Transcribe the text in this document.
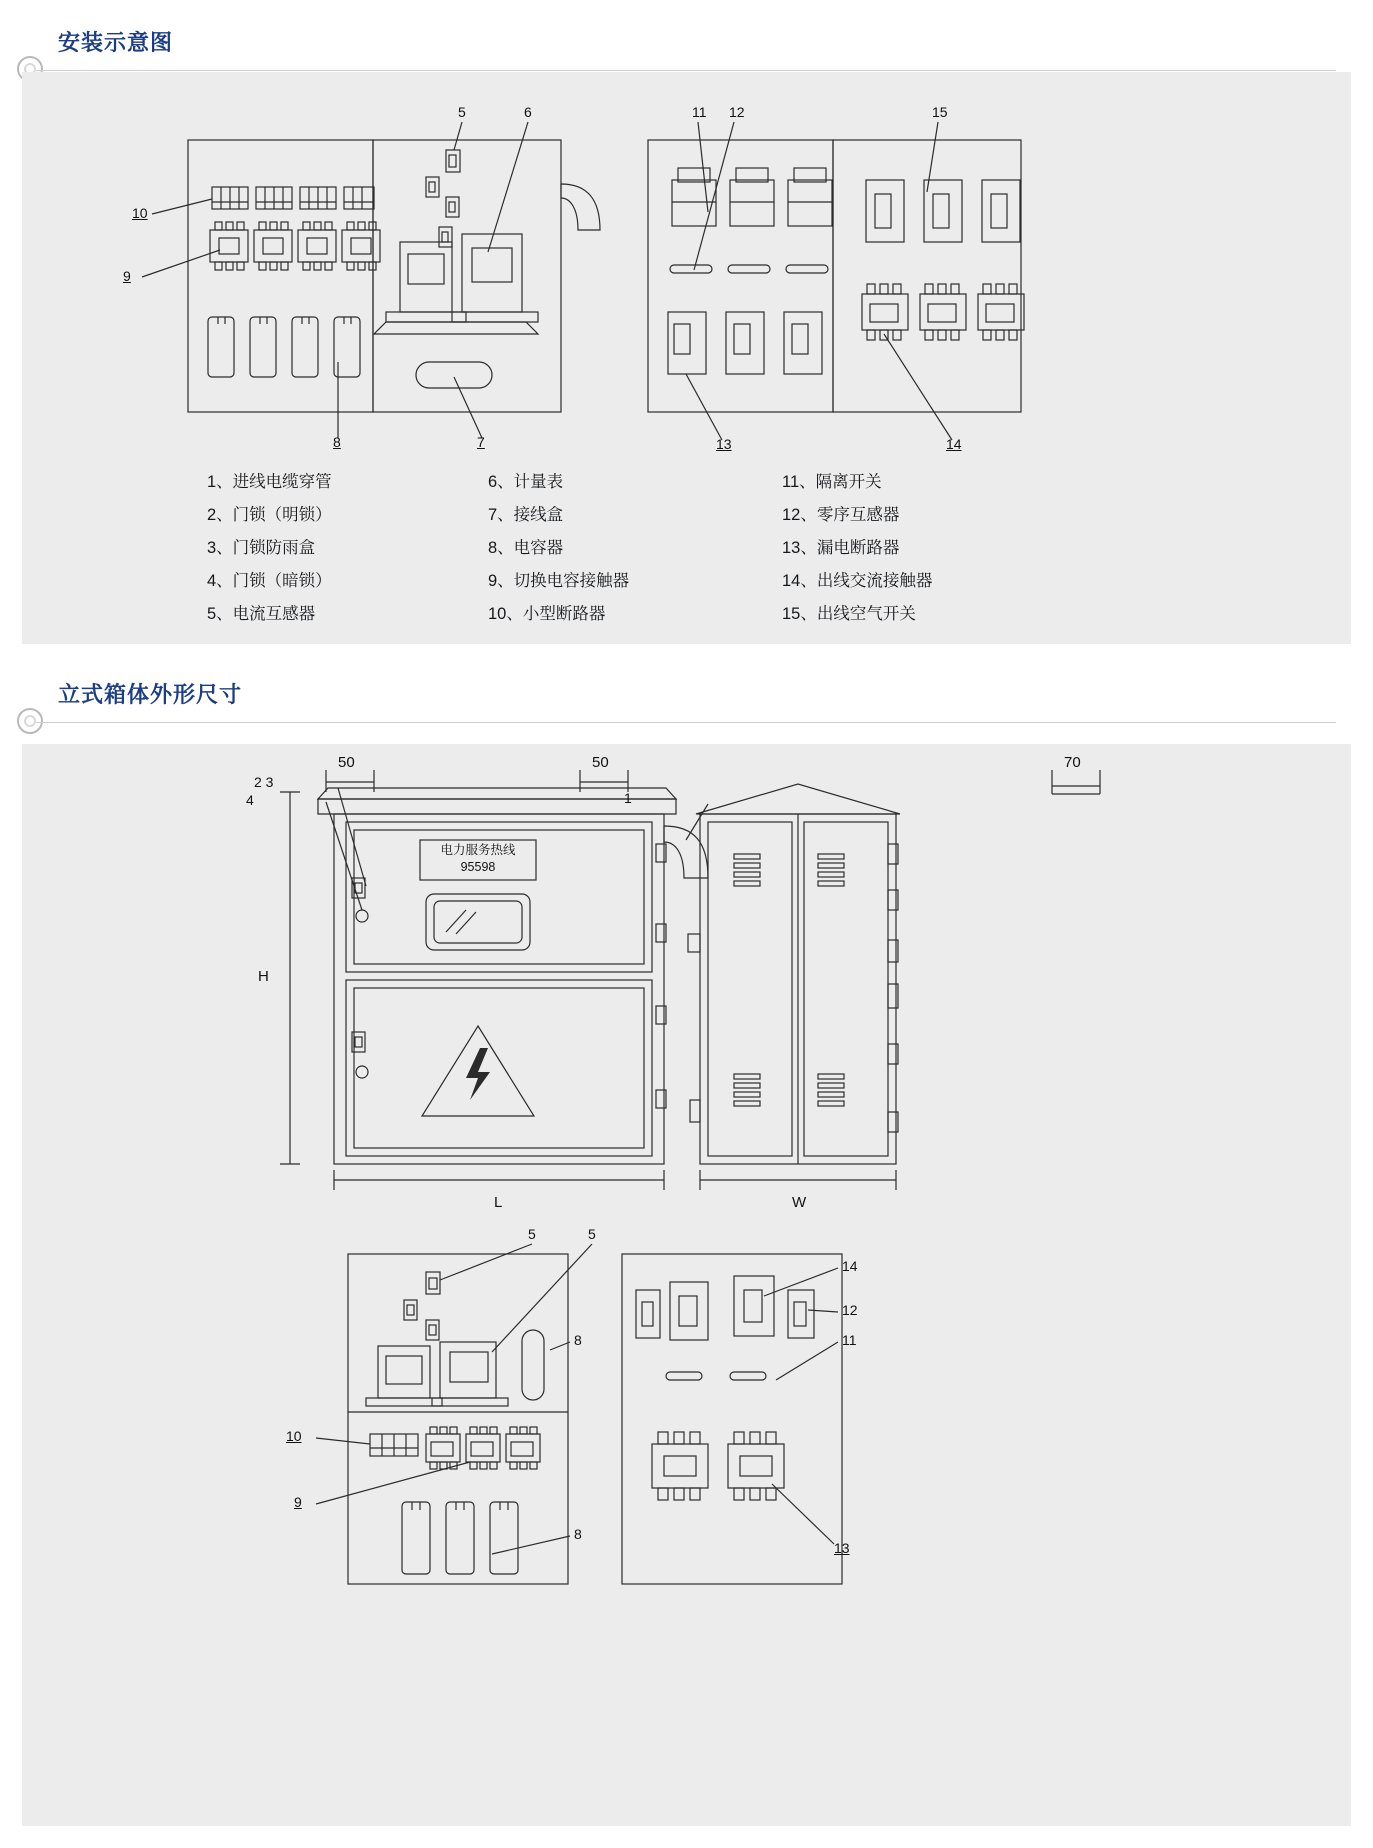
安装示意图
10
9
5	6
8	7
11 12
13	14
15
1、进线电缆穿管
2、门锁（明锁）
3、门锁防雨盒
4、门锁（暗锁）
5、电流互感器
6、计量表
7、接线盒
8、电容器
9、切换电容接触器
10、小型断路器
11、隔离开关
12、零序互感器
13、漏电断路器
14、出线交流接触器
15、出线空气开关
立式箱体外形尺寸
2 3
4	1
50	50	70
H
L	W
5	5
8
10
9
8
14
12
11
13
电力服务热线
95598
